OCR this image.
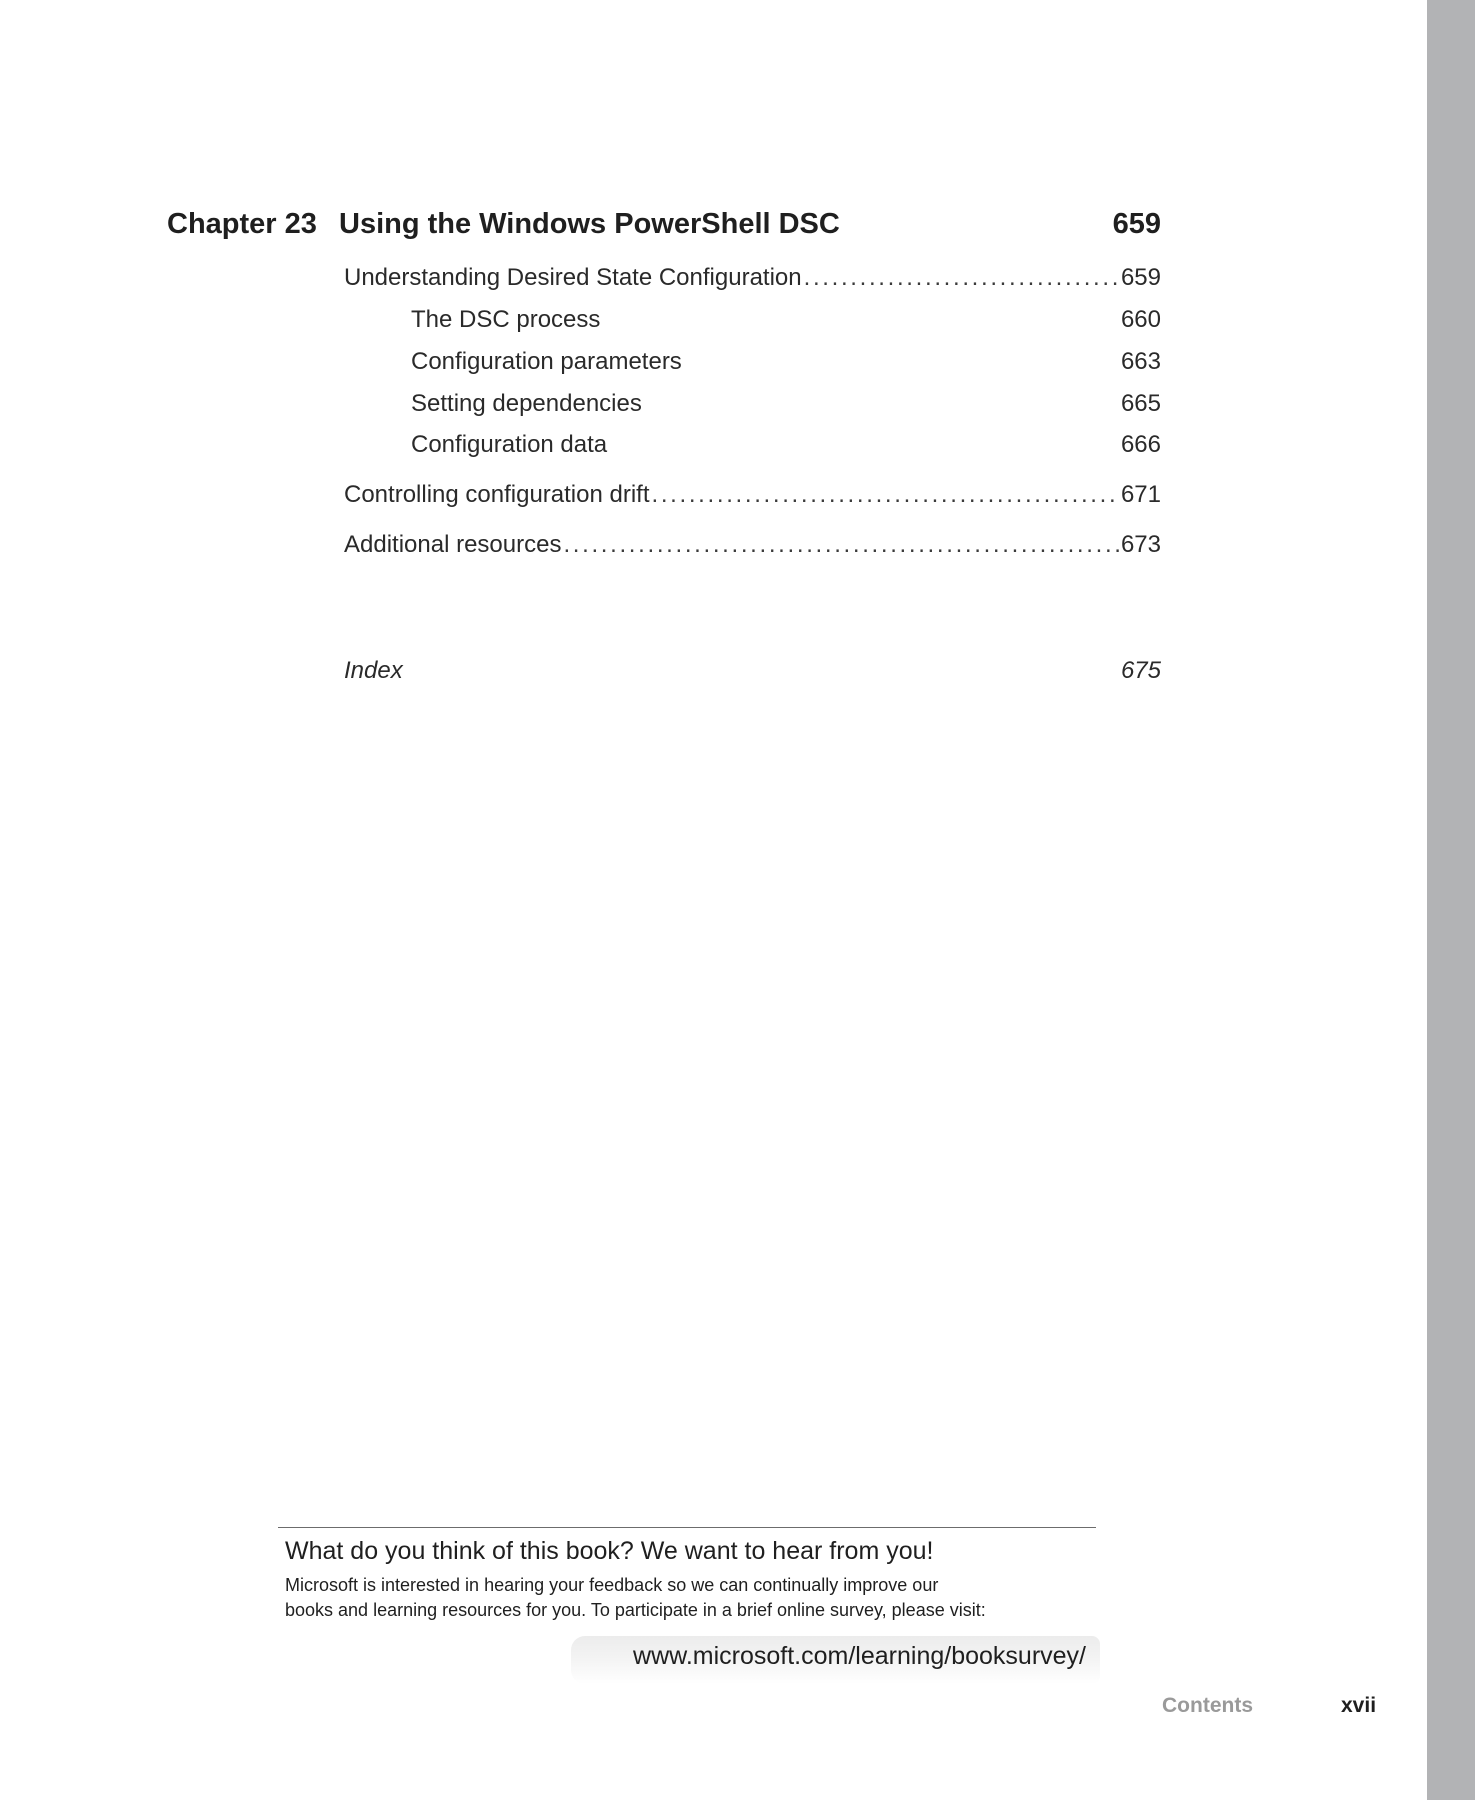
Chapter 23 Using the Windows PowerShell DSC	659
Understanding Desired State Configuration . . .	659
The DSC process	660
Configuration parameters	663
Setting dependencies	665
Configuration data	666
Controlling configuration drift . . .	671
Additional resources . . .	673
Index	675
What do you think of this book? We want to hear from you!
Microsoft is interested in hearing your feedback so we can continually improve our
books and learning resources for you. To participate in a brief online survey, please visit:
www.microsoft.com/learning/booksurvey/
Contents	xvii
